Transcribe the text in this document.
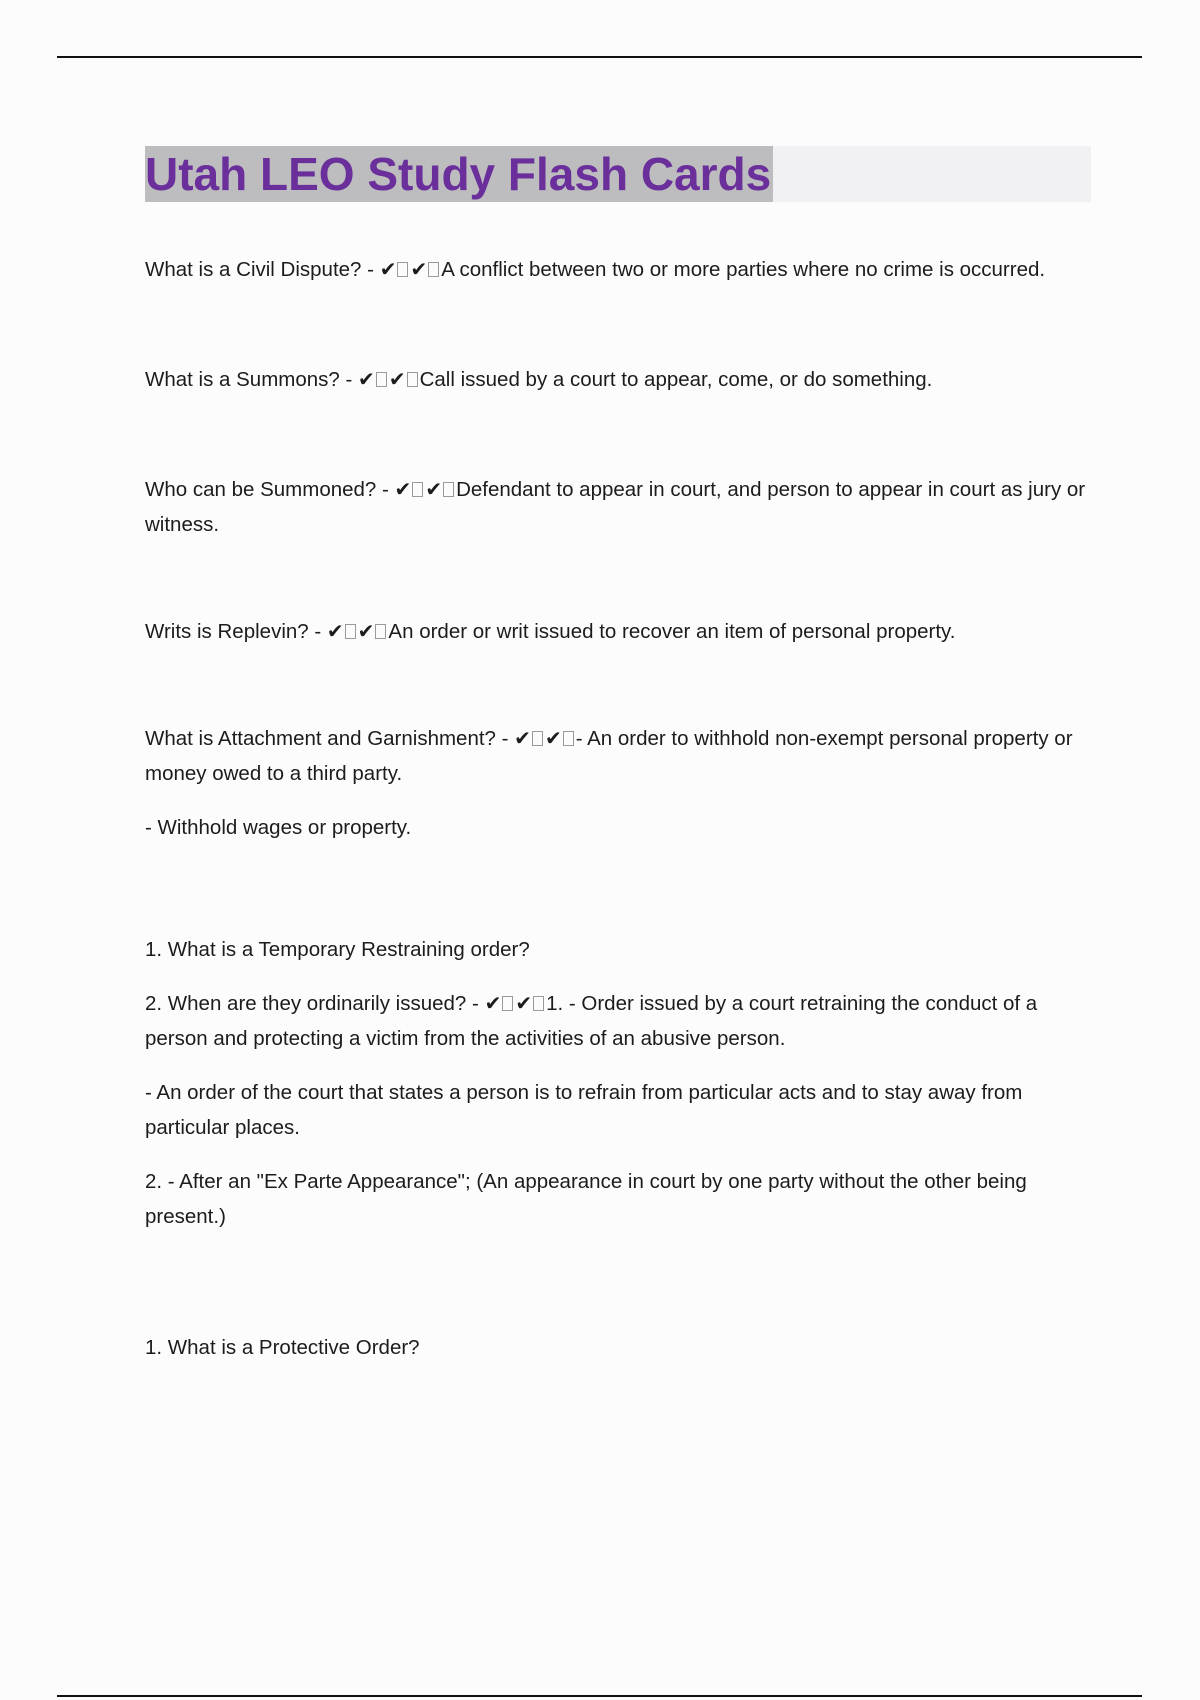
Utah LEO Study Flash Cards

What is a Civil Dispute? - ✔ ✔ A conflict between two or more parties where no crime is occurred.

What is a Summons? - ✔ ✔ Call issued by a court to appear, come, or do something.

Who can be Summoned? - ✔ ✔ Defendant to appear in court, and person to appear in court as jury or witness.

Writs is Replevin? - ✔ ✔ An order or writ issued to recover an item of personal property.

What is Attachment and Garnishment? - ✔ ✔ - An order to withhold non-exempt personal property or money owed to a third party.

- Withhold wages or property.

1. What is a Temporary Restraining order?

2. When are they ordinarily issued? - ✔ ✔ 1. - Order issued by a court retraining the conduct of a person and protecting a victim from the activities of an abusive person.

- An order of the court that states a person is to refrain from particular acts and to stay away from particular places.

2. - After an "Ex Parte Appearance"; (An appearance in court by one party without the other being present.)

1. What is a Protective Order?
